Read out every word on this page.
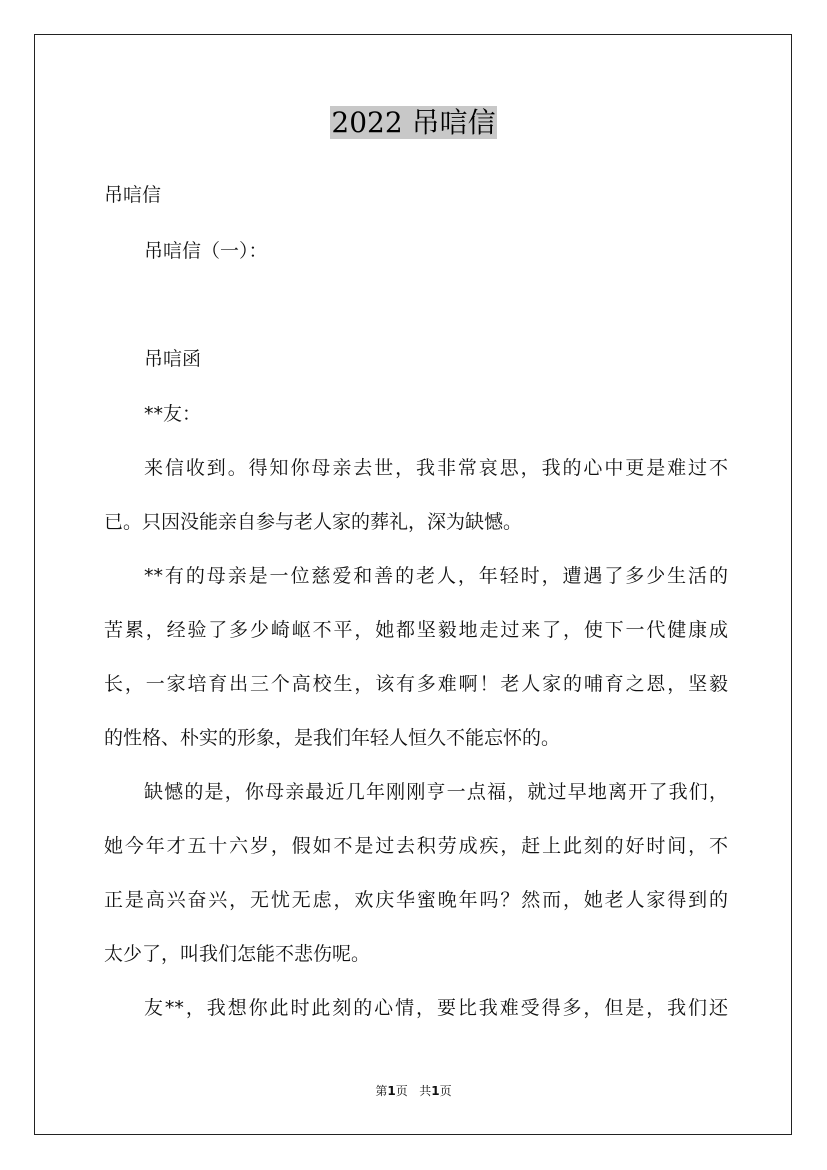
2022 吊唁信
吊唁信
吊唁信（一）：
吊唁函
**友：
来信收到。得知你母亲去世，我非常哀思，我的心中更是难过不
已。只因没能亲自参与老人家的葬礼，深为缺憾。
**有的母亲是一位慈爱和善的老人，年轻时，遭遇了多少生活的
苦累，经验了多少崎岖不平，她都坚毅地走过来了，使下一代健康成
长，一家培育出三个高校生，该有多难啊！老人家的哺育之恩，坚毅
的性格、朴实的形象，是我们年轻人恒久不能忘怀的。
缺憾的是，你母亲最近几年刚刚亨一点福，就过早地离开了我们，
她今年才五十六岁，假如不是过去积劳成疾，赶上此刻的好时间，不
正是高兴奋兴，无忧无虑，欢庆华蜜晚年吗？然而，她老人家得到的
太少了，叫我们怎能不悲伤呢。
友**，我想你此时此刻的心情，要比我难受得多，但是，我们还
第1页   共1页
